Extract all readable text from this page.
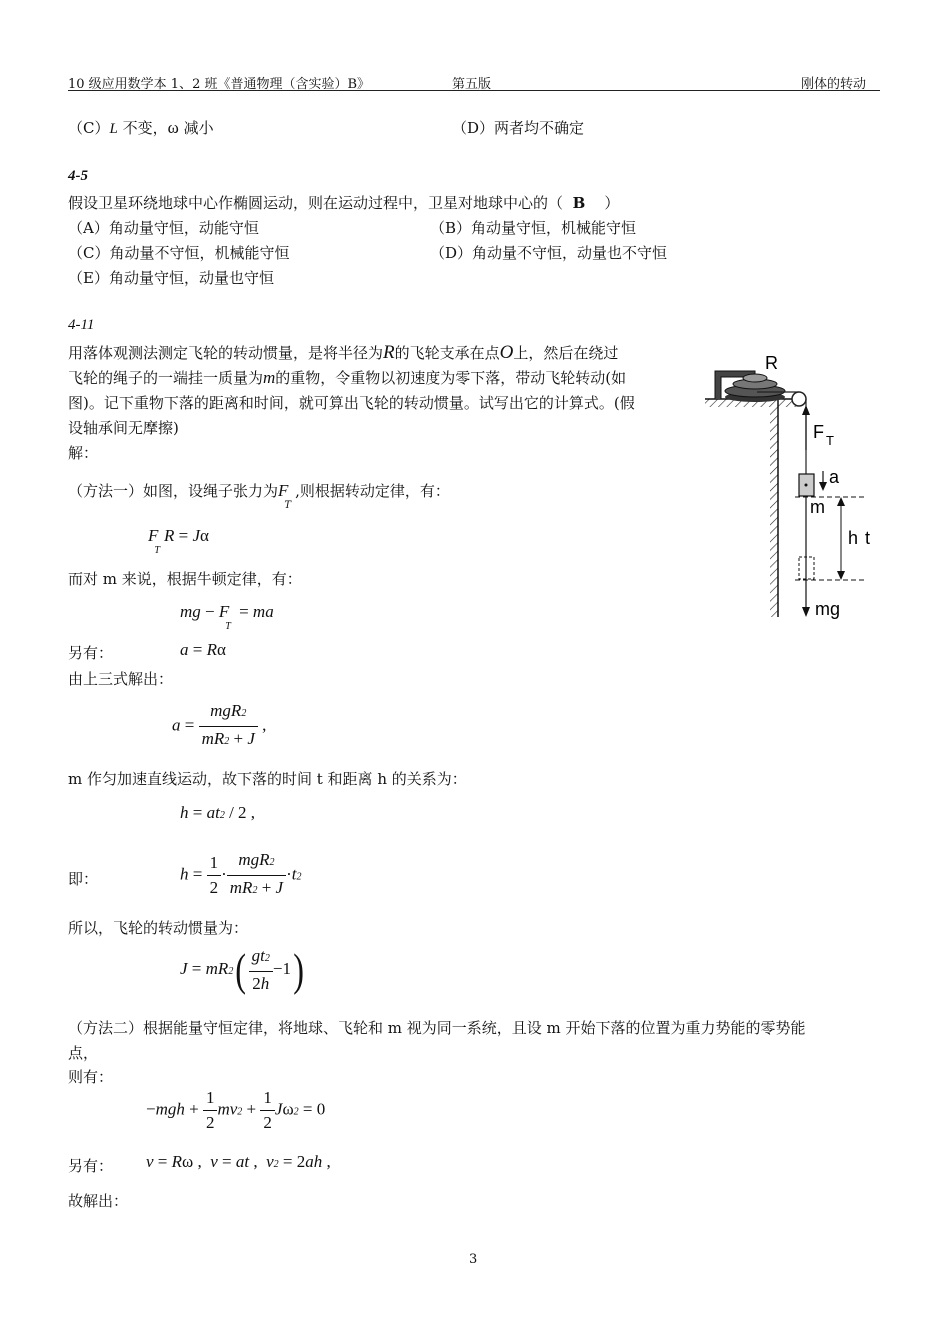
10 级应用数学本 1、2 班《普通物理（含实验）B》	第五版	刚体的转动
（C）L 不变，ω 减小	（D）两者均不确定
4-5
假设卫星环绕地球中心作椭圆运动，则在运动过程中，卫星对地球中心的（ B ）
（A）角动量守恒，动能守恒	（B）角动量守恒，机械能守恒
（C）角动量不守恒，机械能守恒	（D）角动量不守恒，动量也不守恒
（E）角动量守恒，动量也守恒
4-11
用落体观测法测定飞轮的转动惯量，是将半径为R的飞轮支承在点O上，然后在绕过
飞轮的绳子的一端挂一质量为m的重物，令重物以初速度为零下落，带动飞轮转动(如
图)。记下重物下落的距离和时间，就可算出飞轮的转动惯量。试写出它的计算式。(假
设轴承间无摩擦)
解：
（方法一）如图，设绳子张力为$F_T$,则根据转动定律，有：
$F_TR = J\alpha$
而对 m 来说，根据牛顿定律，有：
mg − $F_T$ = ma
另有：	a = Rα
由上三式解出：
$a = \frac{\text{mgR2}}{mR2 + J}$ ,
m 作匀加速直线运动，故下落的时间 t 和距离 h 的关系为：
h = at2 / 2 ,
即：	$h = \frac{1}{2} \cdot \frac{\text{mgR2}}{mR2 + J} \cdot t2$
所以，飞轮的转动惯量为：
$J = mR2( \frac{gt2}{2h} -1)$
（方法二）根据能量守恒定律，将地球、飞轮和 m 视为同一系统，且设 m 开始下落的位置为重力势能的零势能
点，
则有：
$-mgh + \frac{1}{2} mv2 + \frac{1}{2} J\omega 2 = 0$
另有： v = Rω ,  v = at ,  v2 = 2ah ,
故解出：
3
R
F T
a
m
h t
mg
